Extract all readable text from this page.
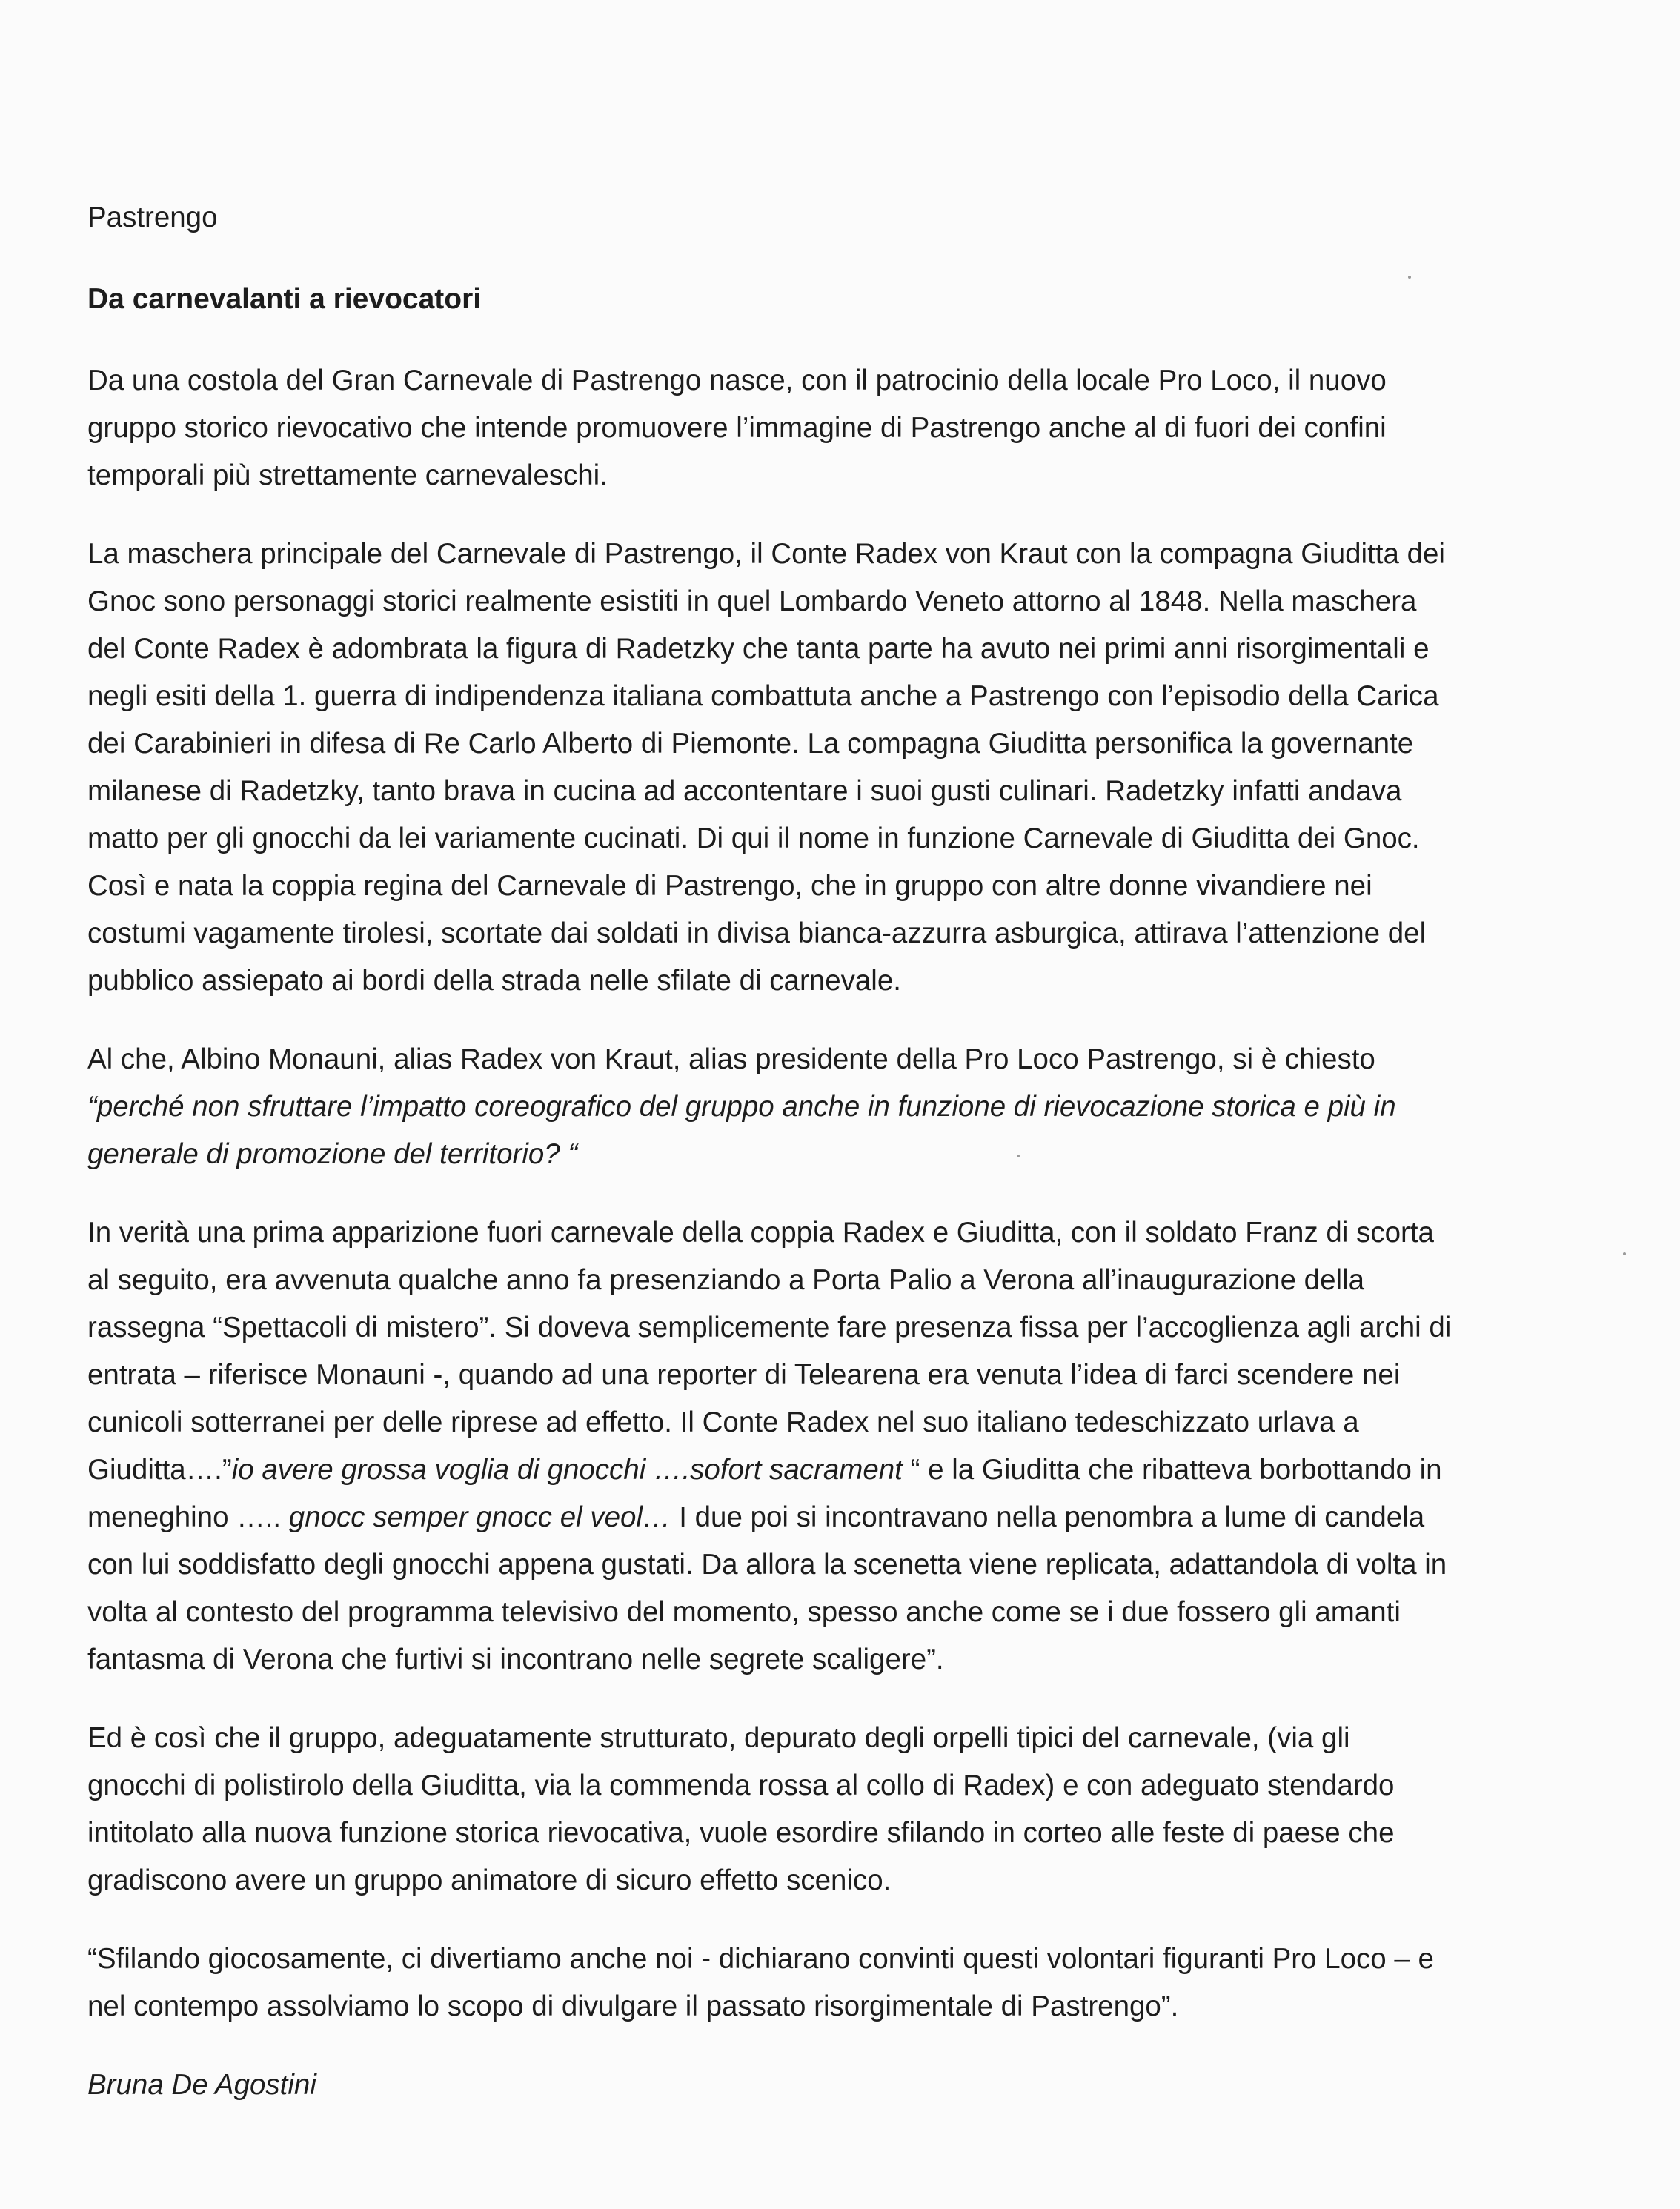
Pastrengo

Da carnevalanti a rievocatori

Da una costola del Gran Carnevale di Pastrengo nasce, con il patrocinio della locale Pro Loco, il nuovo
gruppo storico rievocativo che intende promuovere l’immagine di Pastrengo anche al di fuori dei confini
temporali più strettamente carnevaleschi.

La maschera principale del Carnevale di Pastrengo, il Conte Radex von Kraut con la compagna Giuditta dei
Gnoc sono personaggi storici realmente esistiti in quel Lombardo Veneto attorno al 1848. Nella maschera
del Conte Radex è adombrata la figura di Radetzky che tanta parte ha avuto nei primi anni risorgimentali e
negli esiti della 1. guerra di indipendenza italiana combattuta anche a Pastrengo con l’episodio della Carica
dei Carabinieri in difesa di Re Carlo Alberto di Piemonte. La compagna Giuditta personifica la governante
milanese di Radetzky, tanto brava in cucina ad accontentare i suoi gusti culinari. Radetzky infatti andava
matto per gli gnocchi da lei variamente cucinati. Di qui il nome in funzione Carnevale di Giuditta dei Gnoc.
Così e nata la coppia regina del Carnevale di Pastrengo, che in gruppo con altre donne vivandiere nei
costumi vagamente tirolesi, scortate dai soldati in divisa bianca-azzurra asburgica, attirava l’attenzione del
pubblico assiepato ai bordi della strada nelle sfilate di carnevale.

Al che, Albino Monauni, alias Radex von Kraut, alias presidente della Pro Loco Pastrengo, si è chiesto
“perché non sfruttare l’impatto coreografico del gruppo anche in funzione di rievocazione storica e più in
generale di promozione del territorio? “

In verità una prima apparizione fuori carnevale della coppia Radex e Giuditta, con il soldato Franz di scorta
al seguito, era avvenuta qualche anno fa presenziando a Porta Palio a Verona all’inaugurazione della
rassegna “Spettacoli di mistero”. Si doveva semplicemente fare presenza fissa per l’accoglienza agli archi di
entrata – riferisce Monauni -, quando ad una reporter di Telearena era venuta l’idea di farci scendere nei
cunicoli sotterranei per delle riprese ad effetto. Il Conte Radex nel suo italiano tedeschizzato urlava a
Giuditta….”io avere grossa voglia di gnocchi ….sofort sacrament “ e la Giuditta che ribatteva borbottando in
meneghino ….. gnocc semper gnocc el veol… I due poi si incontravano nella penombra a lume di candela
con lui soddisfatto degli gnocchi appena gustati. Da allora la scenetta viene replicata, adattandola di volta in
volta al contesto del programma televisivo del momento, spesso anche come se i due fossero gli amanti
fantasma di Verona che furtivi si incontrano nelle segrete scaligere”.

Ed è così che il gruppo, adeguatamente strutturato, depurato degli orpelli tipici del carnevale, (via gli
gnocchi di polistirolo della Giuditta, via la commenda rossa al collo di Radex) e con adeguato stendardo
intitolato alla nuova funzione storica rievocativa, vuole esordire sfilando in corteo alle feste di paese che
gradiscono avere un gruppo animatore di sicuro effetto scenico.

“Sfilando giocosamente, ci divertiamo anche noi - dichiarano convinti questi volontari figuranti Pro Loco – e
nel contempo assolviamo lo scopo di divulgare il passato risorgimentale di Pastrengo”.

Bruna De Agostini
